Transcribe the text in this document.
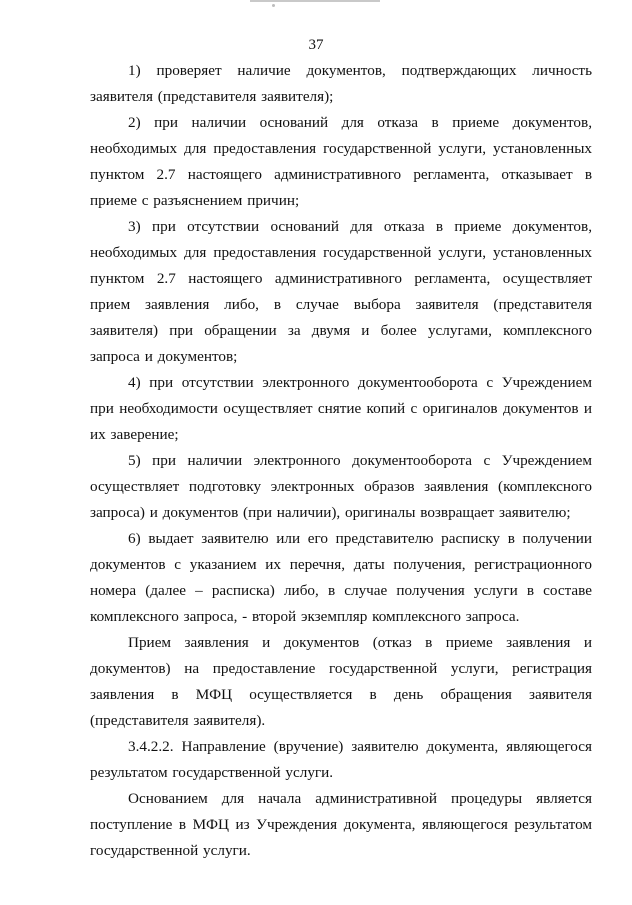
37

1) проверяет наличие документов, подтверждающих личность заявителя (представителя заявителя);

2) при наличии оснований для отказа в приеме документов, необходимых для предоставления государственной услуги, установленных пунктом 2.7 настоящего административного регламента, отказывает в приеме с разъяснением причин;

3) при отсутствии оснований для отказа в приеме документов, необходимых для предоставления государственной услуги, установленных пунктом 2.7 настоящего административного регламента, осуществляет прием заявления либо, в случае выбора заявителя (представителя заявителя) при обращении за двумя и более услугами, комплексного запроса и документов;

4) при отсутствии электронного документооборота с Учреждением при необходимости осуществляет снятие копий с оригиналов документов и их заверение;

5) при наличии электронного документооборота с Учреждением осуществляет подготовку электронных образов заявления (комплексного запроса) и документов (при наличии), оригиналы возвращает заявителю;

6) выдает заявителю или его представителю расписку в получении документов с указанием их перечня, даты получения, регистрационного номера (далее – расписка) либо, в случае получения услуги в составе комплексного запроса, - второй экземпляр комплексного запроса.

Прием заявления и документов (отказ в приеме заявления и документов) на предоставление государственной услуги, регистрация заявления в МФЦ осуществляется в день обращения заявителя (представителя заявителя).

3.4.2.2. Направление (вручение) заявителю документа, являющегося результатом государственной услуги.

Основанием для начала административной процедуры является поступление в МФЦ из Учреждения документа, являющегося результатом государственной услуги.
